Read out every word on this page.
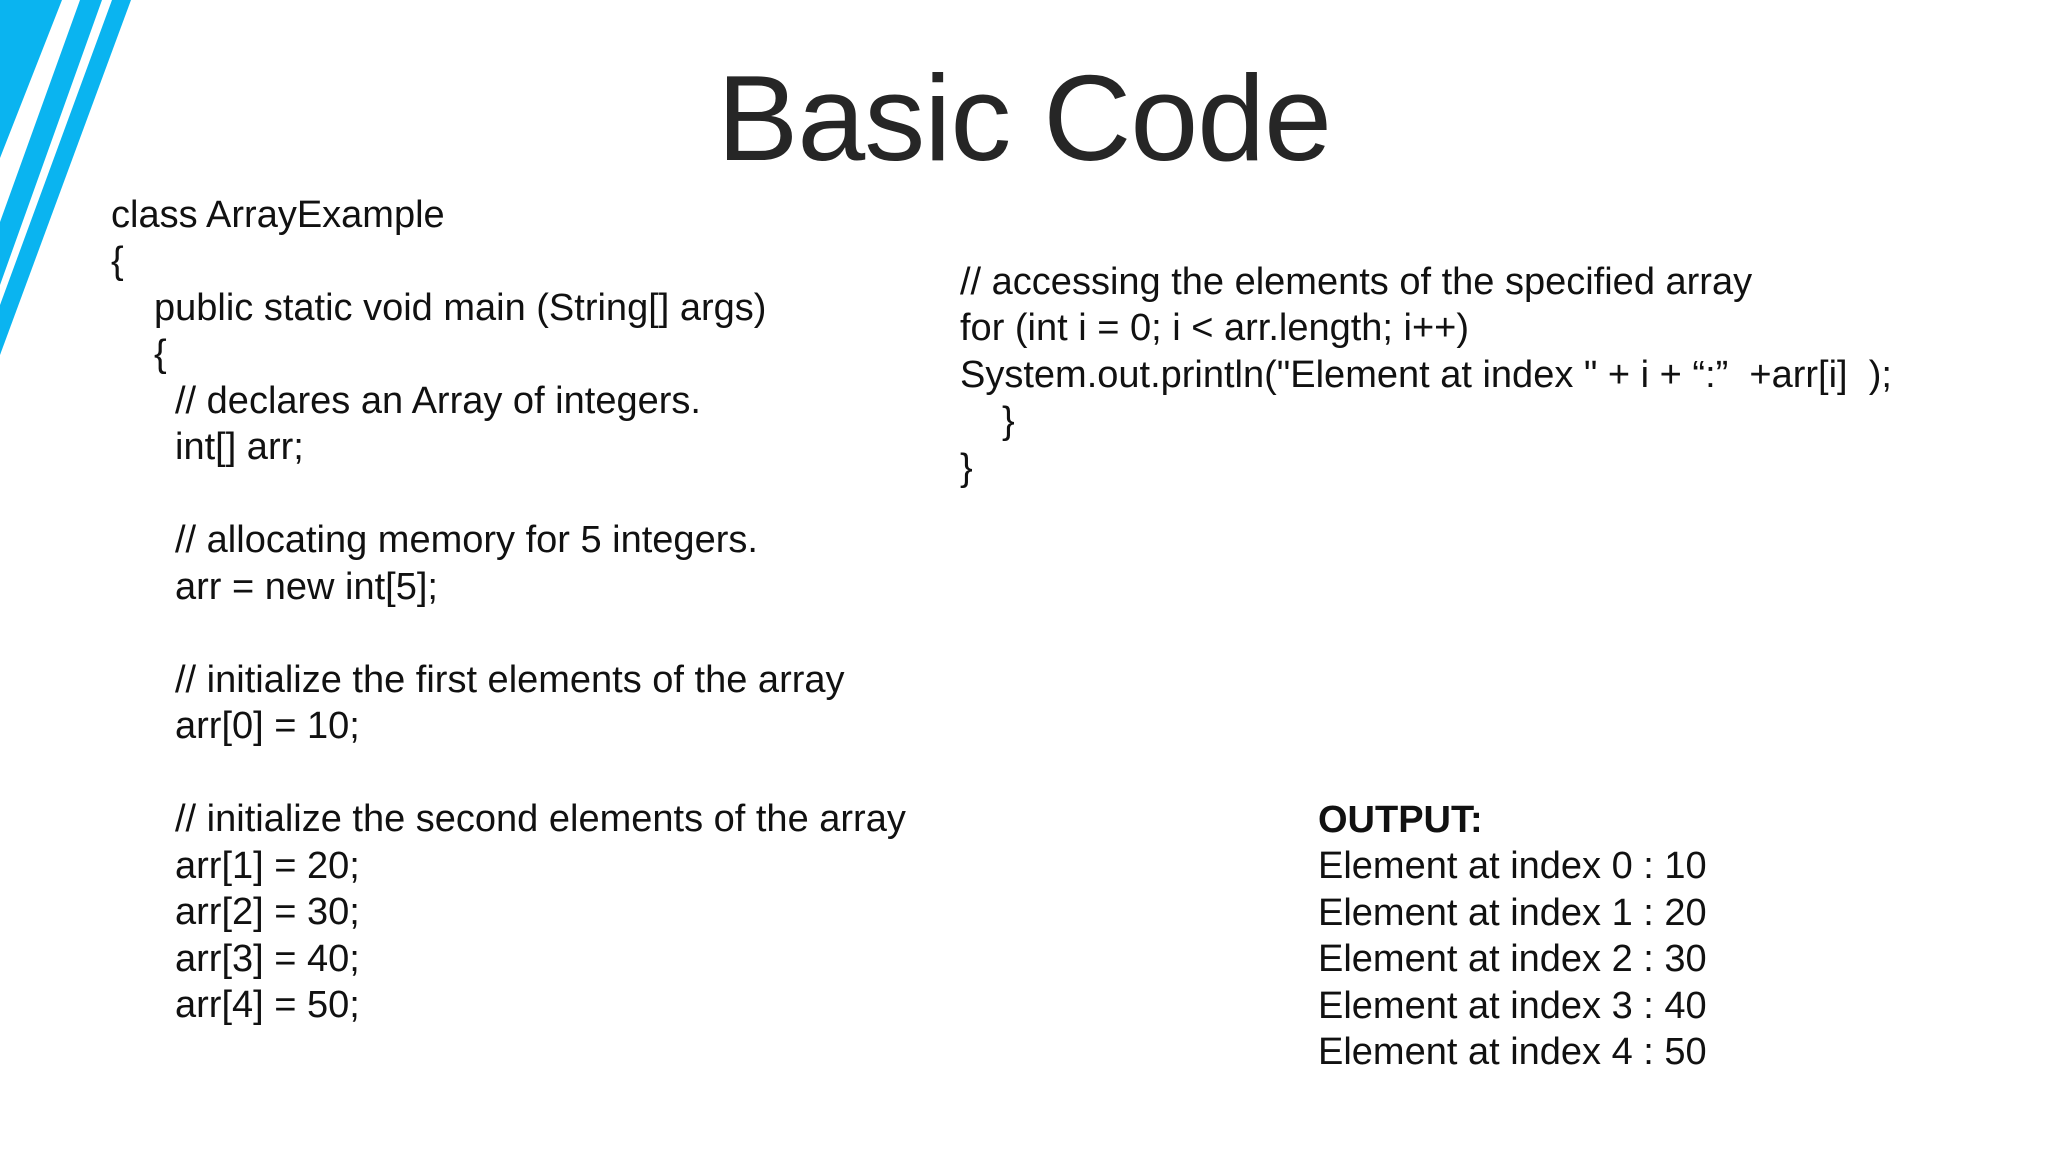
Basic Code
class ArrayExample
{
public static void main (String[] args)
{
// declares an Array of integers.
int[] arr;
// allocating memory for 5 integers.
arr = new int[5];
// initialize the first elements of the array
arr[0] = 10;
// initialize the second elements of the array
arr[1] = 20;
arr[2] = 30;
arr[3] = 40;
arr[4] = 50;
// accessing the elements of the specified array
for (int i = 0; i < arr.length; i++)
System.out.println("Element at index " + i + “:”  +arr[i]  );
}
}
OUTPUT:
Element at index 0 : 10
Element at index 1 : 20
Element at index 2 : 30
Element at index 3 : 40
Element at index 4 : 50
